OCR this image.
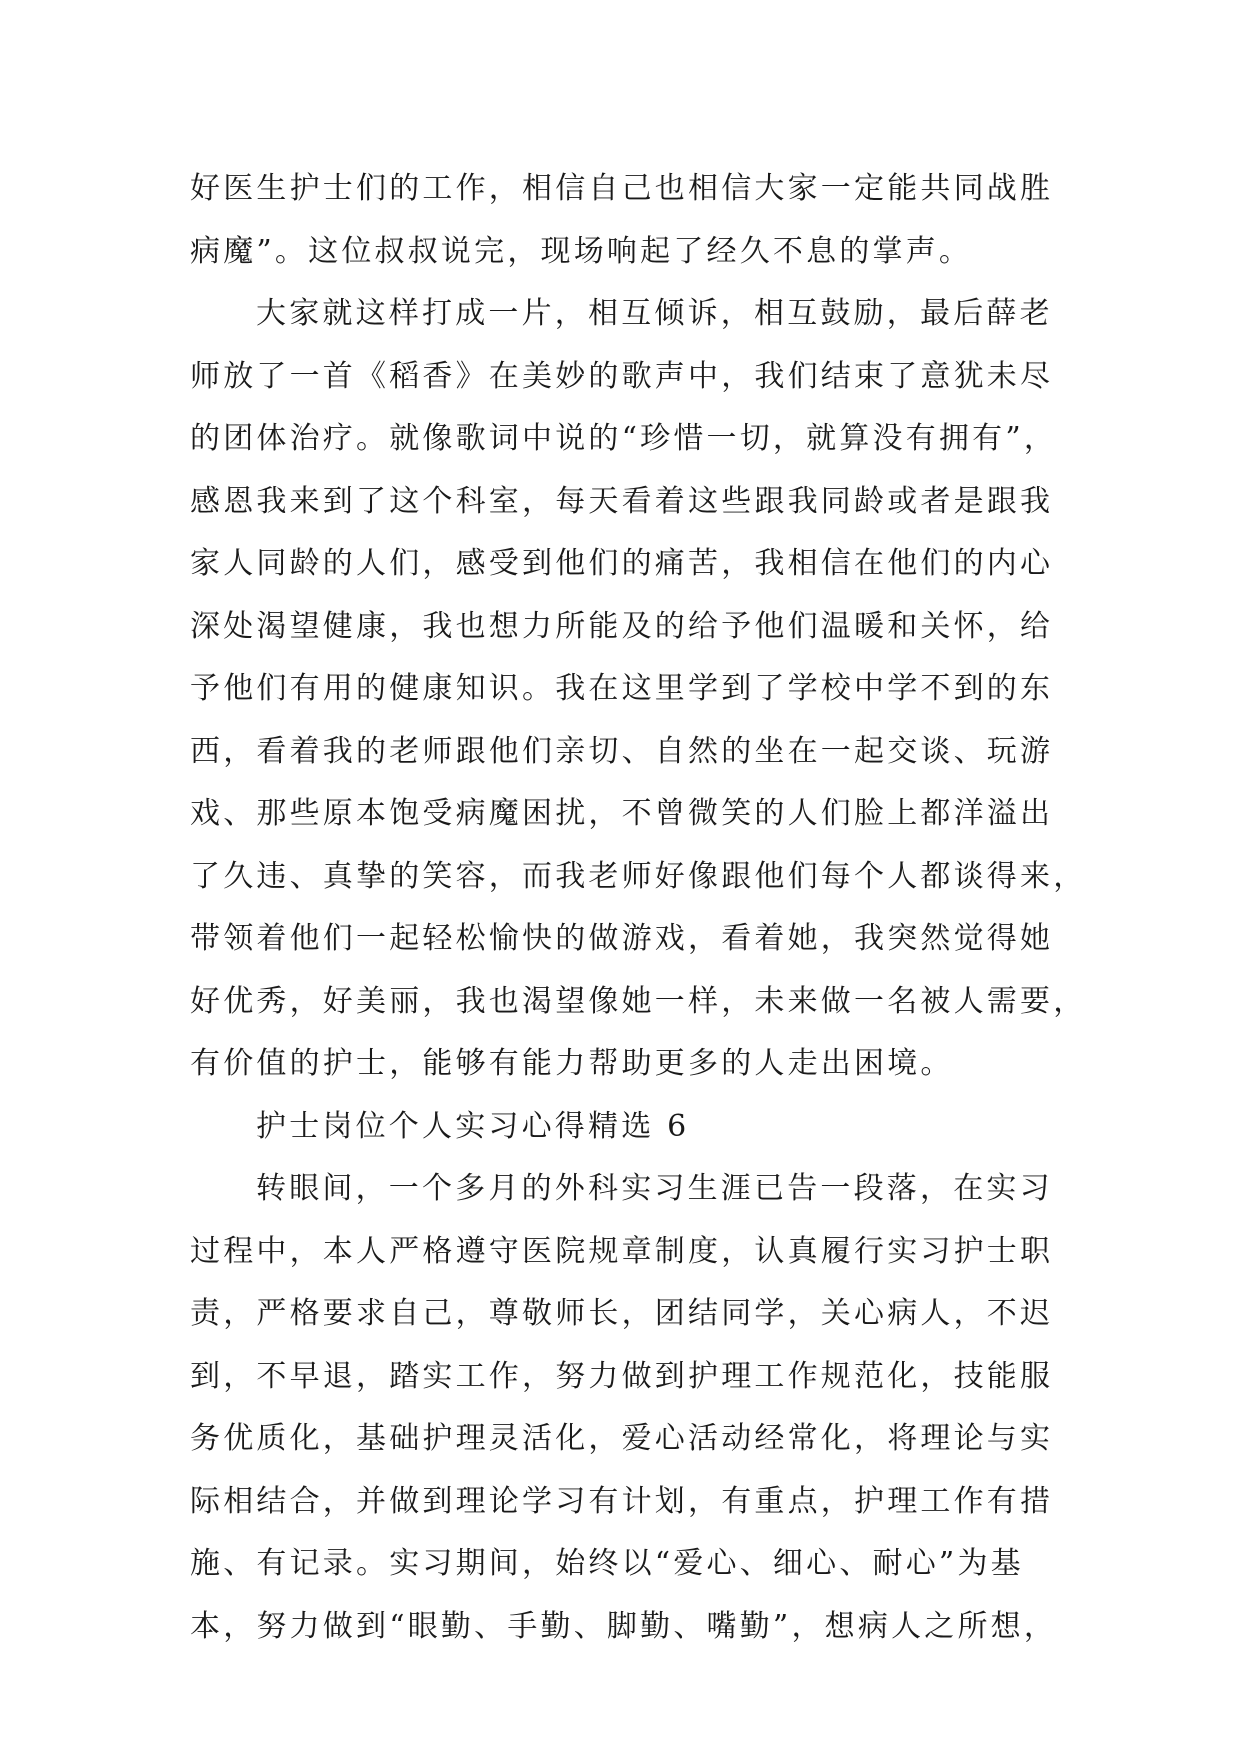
好医生护士们的工作，相信自己也相信大家一定能共同战胜
病魔”。这位叔叔说完，现场响起了经久不息的掌声。
大家就这样打成一片，相互倾诉，相互鼓励，最后薛老
师放了一首《稻香》在美妙的歌声中，我们结束了意犹未尽
的团体治疗。就像歌词中说的“珍惜一切，就算没有拥有”，
感恩我来到了这个科室，每天看着这些跟我同龄或者是跟我
家人同龄的人们，感受到他们的痛苦，我相信在他们的内心
深处渴望健康，我也想力所能及的给予他们温暖和关怀，给
予他们有用的健康知识。我在这里学到了学校中学不到的东
西，看着我的老师跟他们亲切、自然的坐在一起交谈、玩游
戏、那些原本饱受病魔困扰，不曾微笑的人们脸上都洋溢出
了久违、真挚的笑容，而我老师好像跟他们每个人都谈得来，
带领着他们一起轻松愉快的做游戏，看着她，我突然觉得她
好优秀，好美丽，我也渴望像她一样，未来做一名被人需要，
有价值的护士，能够有能力帮助更多的人走出困境。
护士岗位个人实习心得精选 6
转眼间，一个多月的外科实习生涯已告一段落，在实习
过程中，本人严格遵守医院规章制度，认真履行实习护士职
责，严格要求自己，尊敬师长，团结同学，关心病人，不迟
到，不早退，踏实工作，努力做到护理工作规范化，技能服
务优质化，基础护理灵活化，爱心活动经常化，将理论与实
际相结合，并做到理论学习有计划，有重点，护理工作有措
施、有记录。实习期间，始终以“爱心、细心、耐心”为基
本，努力做到“眼勤、手勤、脚勤、嘴勤”，想病人之所想，
